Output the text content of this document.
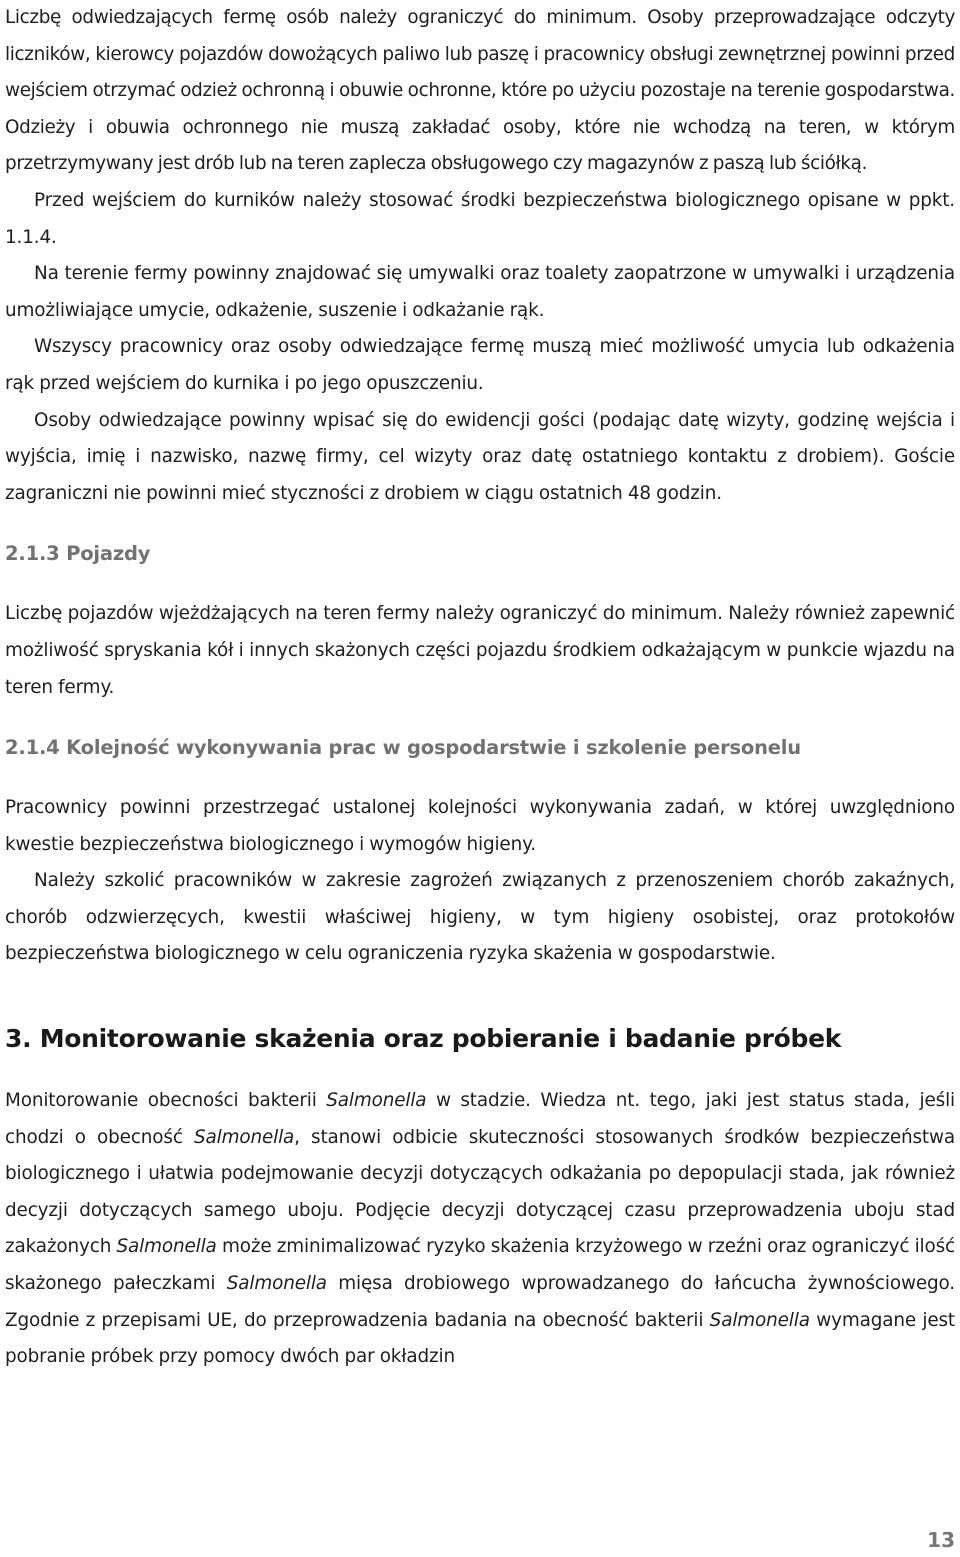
Liczbę odwiedzających fermę osób należy ograniczyć do minimum. Osoby przeprowadzające odczyty liczników, kierowcy pojazdów dowożących paliwo lub paszę i pracownicy obsługi zewnętrznej powinni przed wejściem otrzymać odzież ochronną i obuwie ochronne, które po użyciu pozostaje na terenie gospodarstwa. Odzieży i obuwia ochronnego nie muszą zakładać osoby, które nie wchodzą na teren, w którym przetrzymywany jest drób lub na teren zaplecza obsługowego czy magazynów z paszą lub ściółką.

Przed wejściem do kurników należy stosować środki bezpieczeństwa biologicznego opisane w ppkt. 1.1.4.

Na terenie fermy powinny znajdować się umywalki oraz toalety zaopatrzone w umywalki i urządzenia umożliwiające umycie, odkażenie, suszenie i odkażanie rąk.

Wszyscy pracownicy oraz osoby odwiedzające fermę muszą mieć możliwość umycia lub odkażenia rąk przed wejściem do kurnika i po jego opuszczeniu.

Osoby odwiedzające powinny wpisać się do ewidencji gości (podając datę wizyty, godzinę wejścia i wyjścia, imię i nazwisko, nazwę firmy, cel wizyty oraz datę ostatniego kontaktu z drobiem). Goście zagraniczni nie powinni mieć styczności z drobiem w ciągu ostatnich 48 godzin.

2.1.3 Pojazdy

Liczbę pojazdów wjeżdżających na teren fermy należy ograniczyć do minimum. Należy również zapewnić możliwość spryskania kół i innych skażonych części pojazdu środkiem odkażającym w punkcie wjazdu na teren fermy.

2.1.4 Kolejność wykonywania prac w gospodarstwie i szkolenie personelu

Pracownicy powinni przestrzegać ustalonej kolejności wykonywania zadań, w której uwzględniono kwestie bezpieczeństwa biologicznego i wymogów higieny.

Należy szkolić pracowników w zakresie zagrożeń związanych z przenoszeniem chorób zakaźnych, chorób odzwierzęcych, kwestii właściwej higieny, w tym higieny osobistej, oraz protokołów bezpieczeństwa biologicznego w celu ograniczenia ryzyka skażenia w gospodarstwie.

3. Monitorowanie skażenia oraz pobieranie i badanie próbek

Monitorowanie obecności bakterii Salmonella w stadzie. Wiedza nt. tego, jaki jest status stada, jeśli chodzi o obecność Salmonella, stanowi odbicie skuteczności stosowanych środków bezpieczeństwa biologicznego i ułatwia podejmowanie decyzji dotyczących odkażania po depopulacji stada, jak również decyzji dotyczących samego uboju. Podjęcie decyzji dotyczącej czasu przeprowadzenia uboju stad zakażonych Salmonella może zminimalizować ryzyko skażenia krzyżowego w rzeźni oraz ograniczyć ilość skażonego pałeczkami Salmonella mięsa drobiowego wprowadzanego do łańcucha żywnościowego. Zgodnie z przepisami UE, do przeprowadzenia badania na obecność bakterii Salmonella wymagane jest pobranie próbek przy pomocy dwóch par okładzin

13
